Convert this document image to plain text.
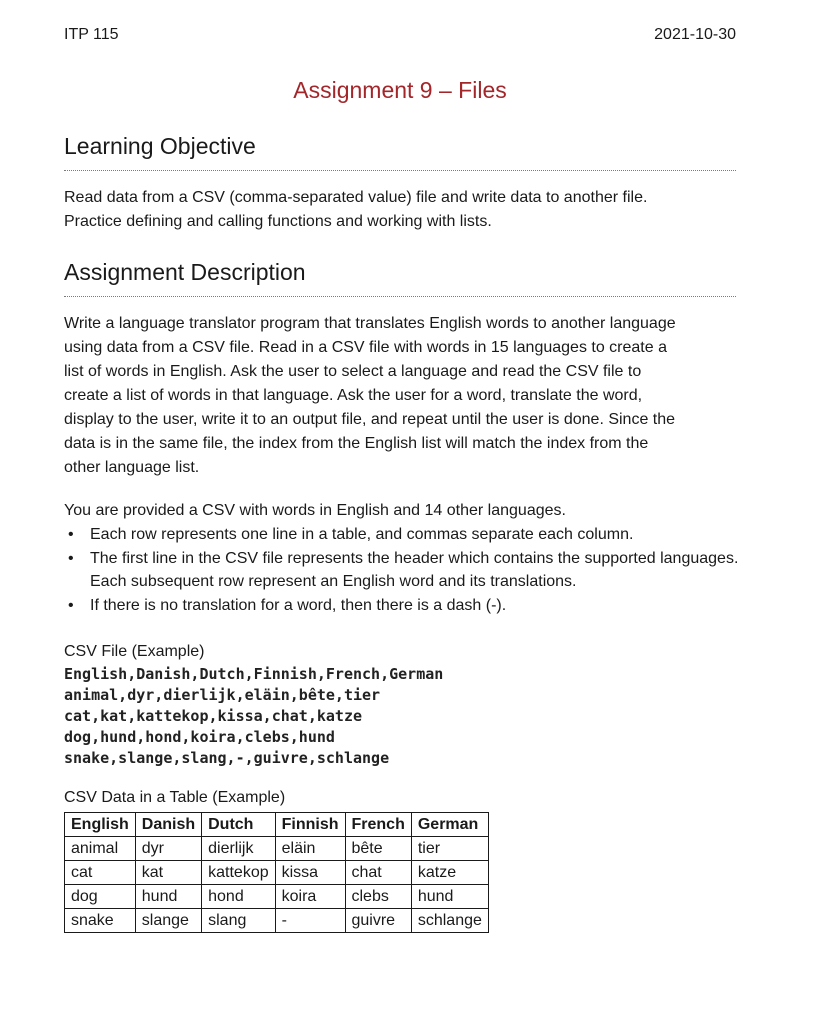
ITP 115	2021-10-30
Assignment 9 – Files
Learning Objective

Read data from a CSV (comma-separated value) file and write data to another file.

Practice defining and calling functions and working with lists.

Assignment Description

Write a language translator program that translates English words to another language

using data from a CSV file. Read in a CSV file with words in 15 languages to create a

list of words in English. Ask the user to select a language and read the CSV file to

create a list of words in that language. Ask the user for a word, translate the word,

display to the user, write it to an output file, and repeat until the user is done. Since the

data is in the same file, the index from the English list will match the index from the

other language list.

You are provided a CSV with words in English and 14 other languages.
• Each row represents one line in a table, and commas separate each column.
• The first line in the CSV file represents the header which contains the supported languages. Each subsequent row represent an English word and its translations.
• If there is no translation for a word, then there is a dash (-).
CSV File (Example)
English,Danish,Dutch,Finnish,French,German
animal,dyr,dierlijk,eläin,bête,tier
cat,kat,kattekop,kissa,chat,katze
dog,hund,hond,koira,clebs,hund
snake,slange,slang,-,guivre,schlange
CSV Data in a Table (Example)
English	Danish	Dutch	Finnish	French	German
animal	dyr	dierlijk	eläin	bête	tier
cat	kat	kattekop	kissa	chat	katze
dog	hund	hond	koira	clebs	hund
snake	slange	slang	-	guivre	schlange
